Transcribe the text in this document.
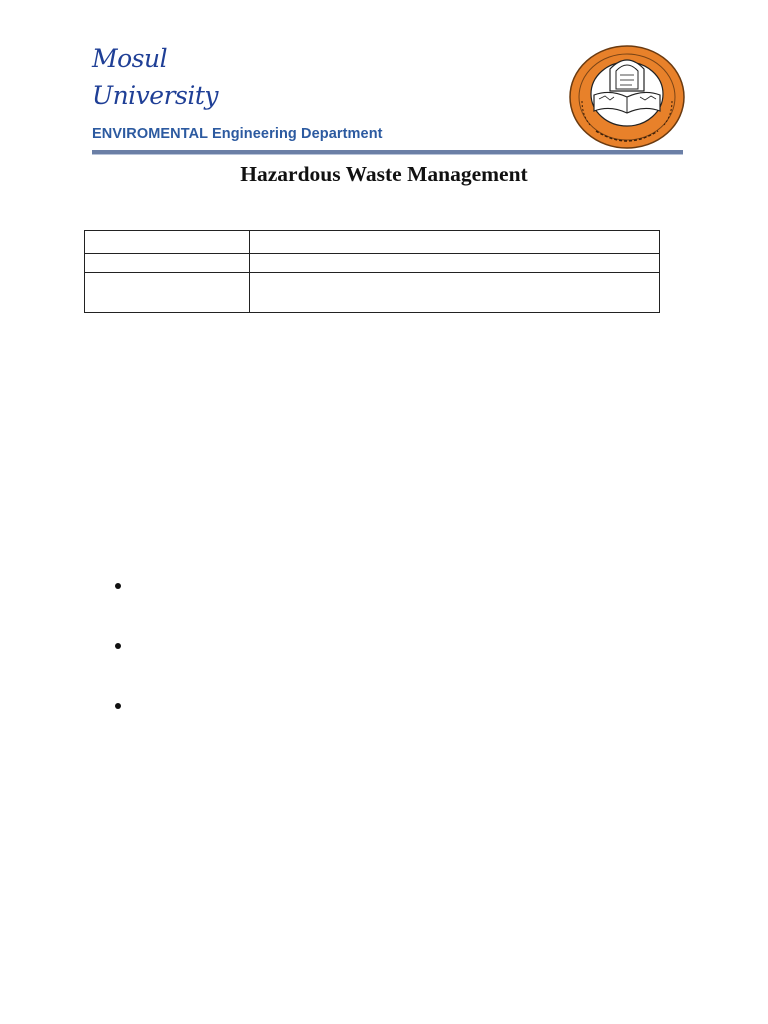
Mosul
University
ENVIROMENTAL Engineering Department
Hazardous Waste Management
